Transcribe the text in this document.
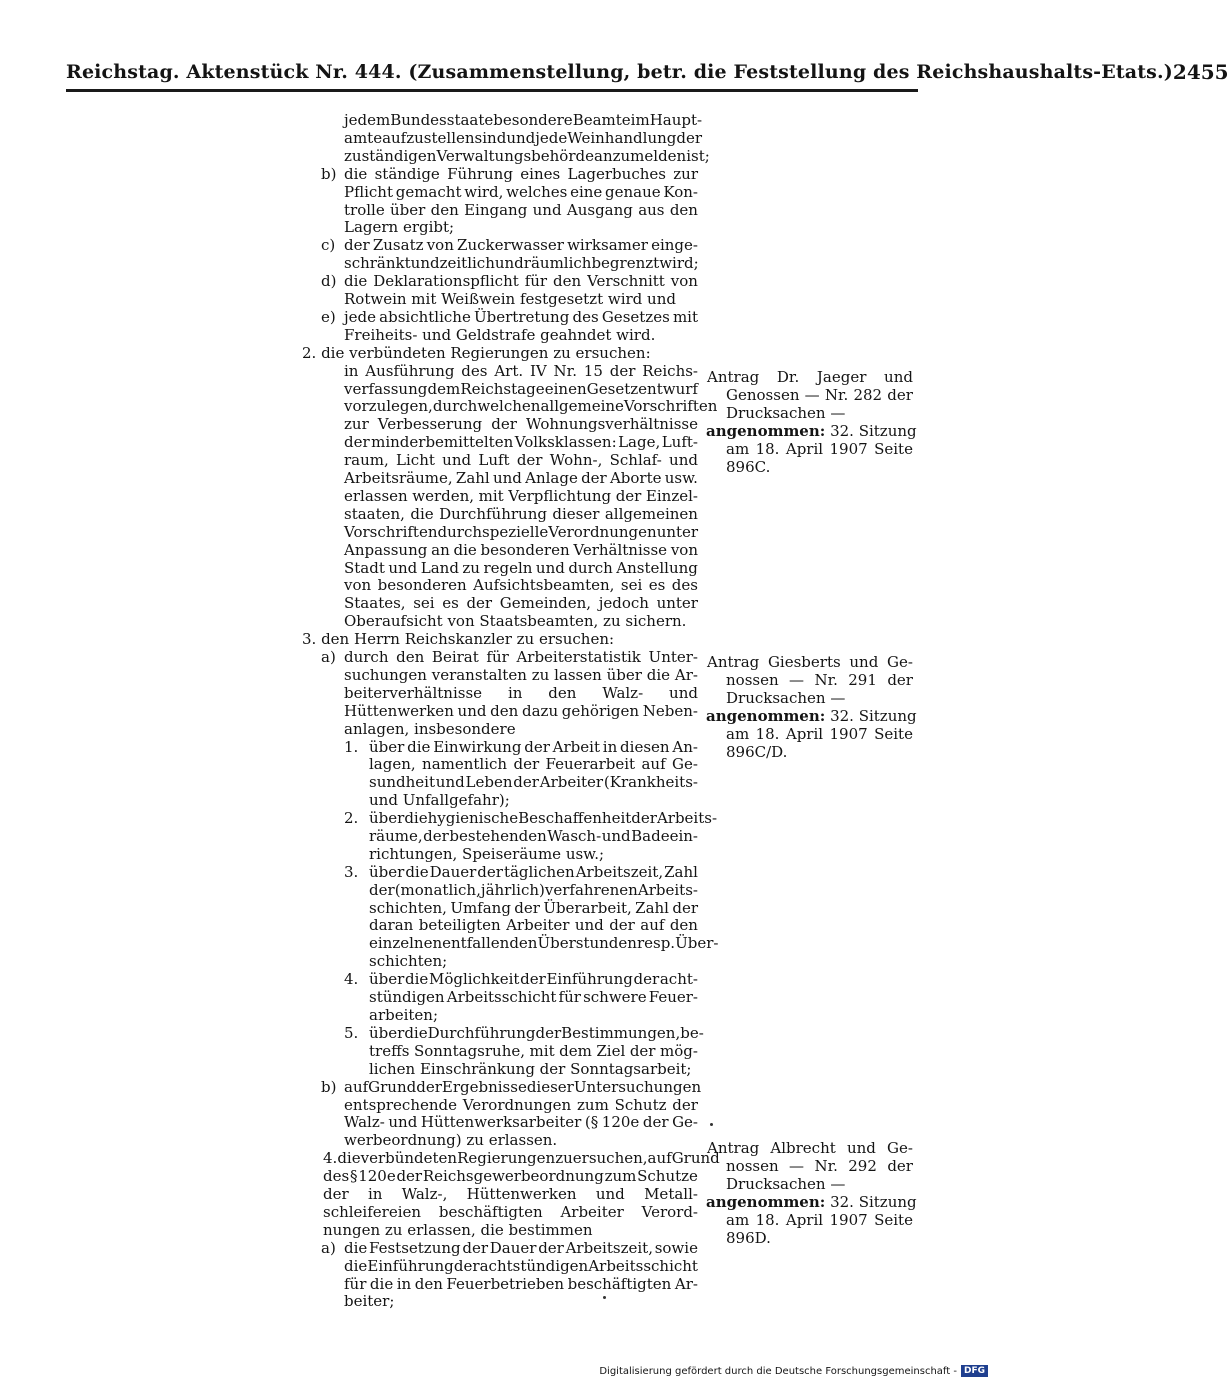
Reichstag. Aktenstück Nr. 444. (Zusammenstellung, betr. die Feststellung des Reichshaushalts-Etats.) 2455
jedem Bundesstaate besondere Beamte im Haupt-
amte aufzustellen sind und jede Weinhandlung der
zuständigen Verwaltungsbehörde anzumelden ist;
die ständige Führung eines Lagerbuches zur
Pflicht gemacht wird, welches eine genaue Kon-
trolle über den Eingang und Ausgang aus den
Lagern ergibt;
der Zusatz von Zuckerwasser wirksamer einge-
schränkt und zeitlich und räumlich begrenzt wird;
die Deklarationspflicht für den Verschnitt von
Rotwein mit Weißwein festgesetzt wird und
jede absichtliche Übertretung des Gesetzes mit
Freiheits- und Geldstrafe geahndet wird.
2. die verbündeten Regierungen zu ersuchen:
in Ausführung des Art. IV Nr. 15 der Reichs-
verfassung dem Reichstage einen Gesetzentwurf
vorzulegen, durch welchen allgemeine Vorschriften
zur Verbesserung der Wohnungsverhältnisse
der minderbemittelten Volksklassen: Lage, Luft-
raum, Licht und Luft der Wohn-, Schlaf- und
Arbeitsräume, Zahl und Anlage der Aborte usw.
erlassen werden, mit Verpflichtung der Einzel-
staaten, die Durchführung dieser allgemeinen
Vorschriften durch spezielle Verordnungen unter
Anpassung an die besonderen Verhältnisse von
Stadt und Land zu regeln und durch Anstellung
von besonderen Aufsichtsbeamten, sei es des
Staates, sei es der Gemeinden, jedoch unter
Oberaufsicht von Staatsbeamten, zu sichern.
3. den Herrn Reichskanzler zu ersuchen:
durch den Beirat für Arbeiterstatistik Unter-
suchungen veranstalten zu lassen über die Ar-
beiterverhältnisse in den Walz- und
Hüttenwerken und den dazu gehörigen Neben-
anlagen, insbesondere
über die Einwirkung der Arbeit in diesen An-
lagen, namentlich der Feuerarbeit auf Ge-
sundheit und Leben der Arbeiter (Krankheits-
und Unfallgefahr);
über die hygienische Beschaffenheit der Arbeits-
räume, der bestehenden Wasch- und Badeein-
richtungen, Speiseräume usw.;
über die Dauer der täglichen Arbeitszeit, Zahl
der (monatlich, jährlich) verfahrenen Arbeits-
schichten, Umfang der Überarbeit, Zahl der
daran beteiligten Arbeiter und der auf den
einzelnen entfallenden Überstunden resp. Über-
schichten;
über die Möglichkeit der Einführung der acht-
stündigen Arbeitsschicht für schwere Feuer-
arbeiten;
über die Durchführung der Bestimmungen, be-
treffs Sonntagsruhe, mit dem Ziel der mög-
lichen Einschränkung der Sonntagsarbeit;
auf Grund der Ergebnisse dieser Untersuchungen
entsprechende Verordnungen zum Schutz der
Walz- und Hüttenwerksarbeiter (§ 120e der Ge-
werbeordnung) zu erlassen.
4. die verbündeten Regierungen zu ersuchen, auf Grund
des § 120e der Reichsgewerbeordnung zum Schutze
der in Walz-, Hüttenwerken und Metall-
schleifereien beschäftigten Arbeiter Verord-
nungen zu erlassen, die bestimmen
die Festsetzung der Dauer der Arbeitszeit, sowie
die Einführung der achtstündigen Arbeitsschicht
für die in den Feuerbetrieben beschäftigten Ar-
beiter;
b)
c)
d)
e)
a)
1.
2.
3.
4.
5.
b)
a)
Antrag Dr. Jaeger und
Genossen — Nr. 282 der
Drucksachen —
angenommen: 32. Sitzung
am 18. April 1907 Seite
896C.
Antrag Giesberts und Ge-
nossen — Nr. 291 der
Drucksachen —
angenommen: 32. Sitzung
am 18. April 1907 Seite
896C/D.
Antrag Albrecht und Ge-
nossen — Nr. 292 der
Drucksachen —
angenommen: 32. Sitzung
am 18. April 1907 Seite
896D.
Digitalisierung gefördert durch die Deutsche Forschungsgemeinschaft - DFG
